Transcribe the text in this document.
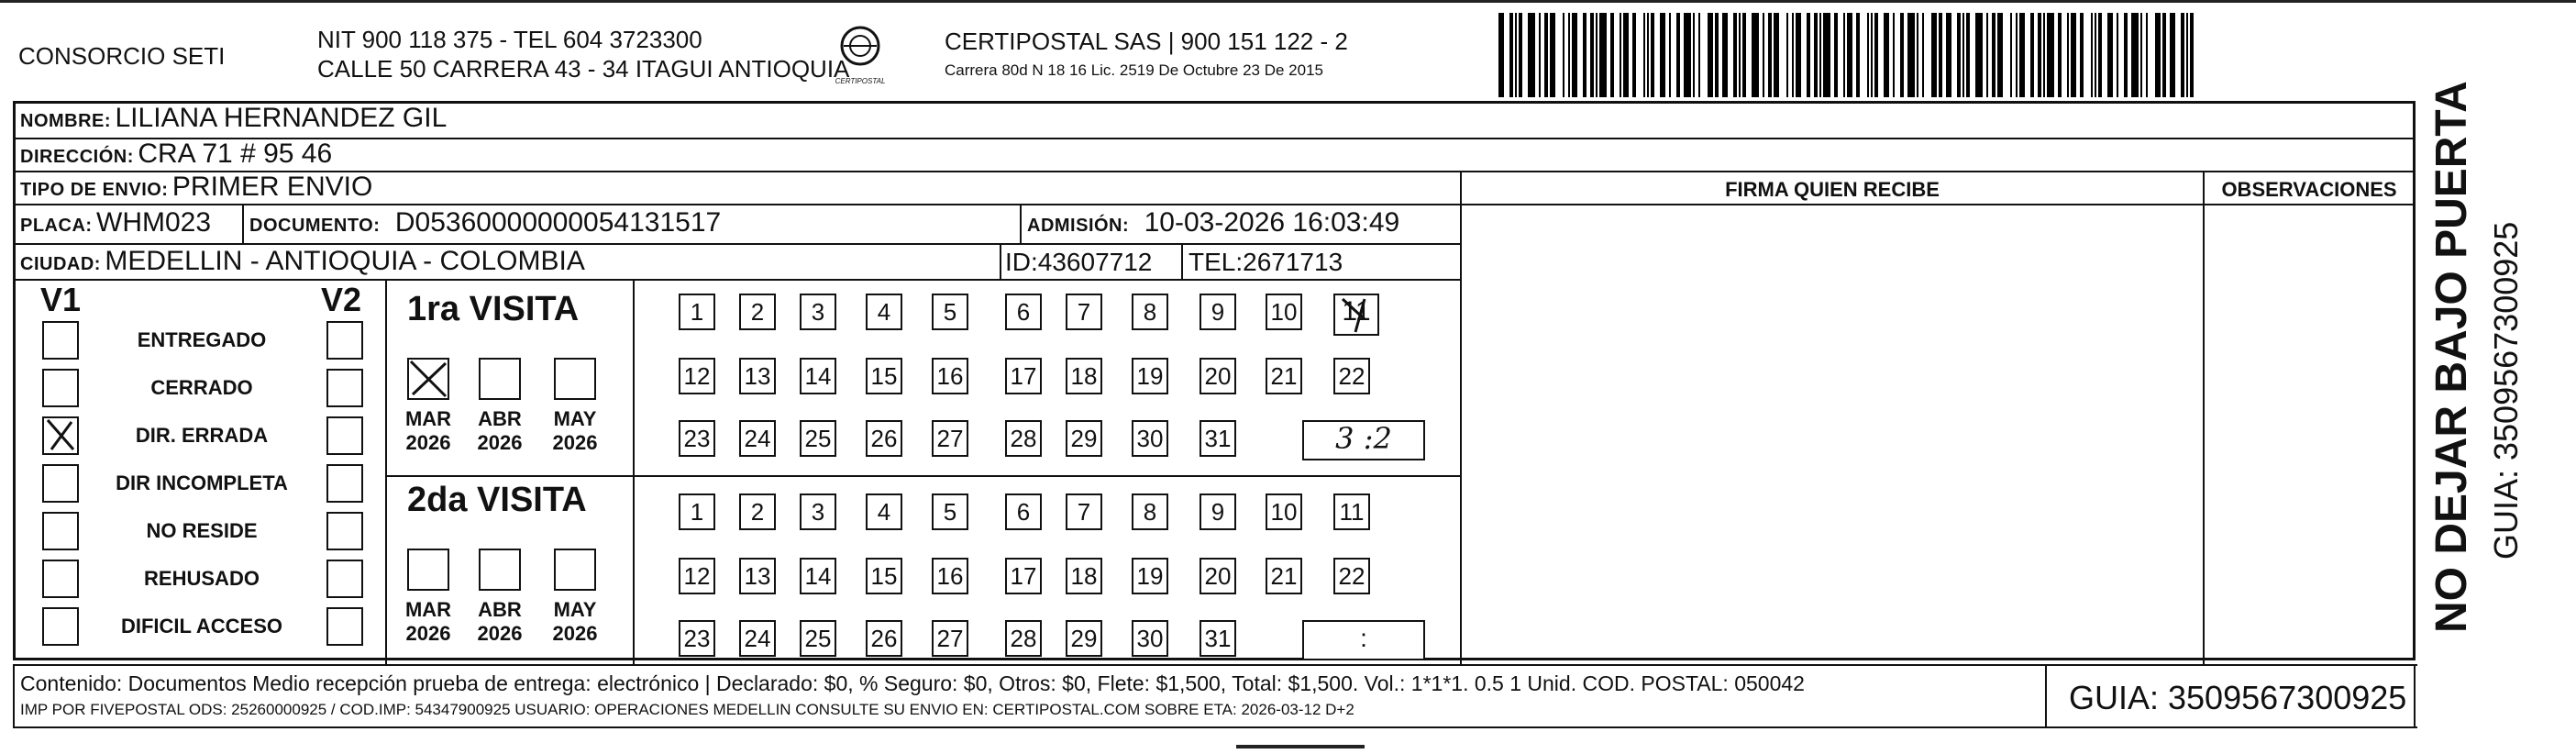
CONSORCIO SETI
NIT 900 118 375 - TEL 604 3723300
CALLE 50 CARRERA 43 - 34 ITAGUI ANTIOQUIA
CERTIPOSTAL
CERTIPOSTAL SAS | 900 151 122 - 2
Carrera 80d N 18 16 Lic. 2519 De Octubre 23 De 2015
NOMBRE: LILIANA HERNANDEZ GIL
DIRECCIÓN: CRA 71 # 95 46
TIPO DE ENVIO: PRIMER ENVIO
PLACA: WHM023 DOCUMENTO: D05360000000054131517	ADMISIÓN: 10-03-2026 16:03:49
CIUDAD: MEDELLIN - ANTIOQUIA - COLOMBIA	ID:43607712 TEL:2671713
FIRMA QUIEN RECIBE	OBSERVACIONES
V1	V2
ENTREGADO
CERRADO
DIR. ERRADA
DIR INCOMPLETA
NO RESIDE
REHUSADO
DIFICIL ACCESO
1ra VISITA
MAR
2026
ABR
2026
MAY
2026
1	2	3	4	5	6	7	8	9	10	11
12 13 14 15 16 17 18 19 20 21 22
23 24 25 26 27 28 29 30 31	3 :2
2da VISITA
MAR
2026
ABR
2026
MAY
2026
1	2	3	4	5	6	7	8	9	10 11
12 13 14 15 16 17 18 19 20 21 22
23 24 25 26 27 28 29 30 31	:
NO DEJAR BAJO PUERTA GUIA: 3509567300925
Contenido: Documentos Medio recepción prueba de entrega: electrónico | Declarado: $0, % Seguro: $0, Otros: $0, Flete: $1,500, Total: $1,500. Vol.: 1*1*1. 0.5 1 Unid. COD. POSTAL: 050042
IMP POR FIVEPOSTAL ODS: 25260000925 / COD.IMP: 54347900925 USUARIO: OPERACIONES MEDELLIN CONSULTE SU ENVIO EN: CERTIPOSTAL.COM SOBRE ETA: 2026-03-12 D+2	GUIA: 3509567300925
